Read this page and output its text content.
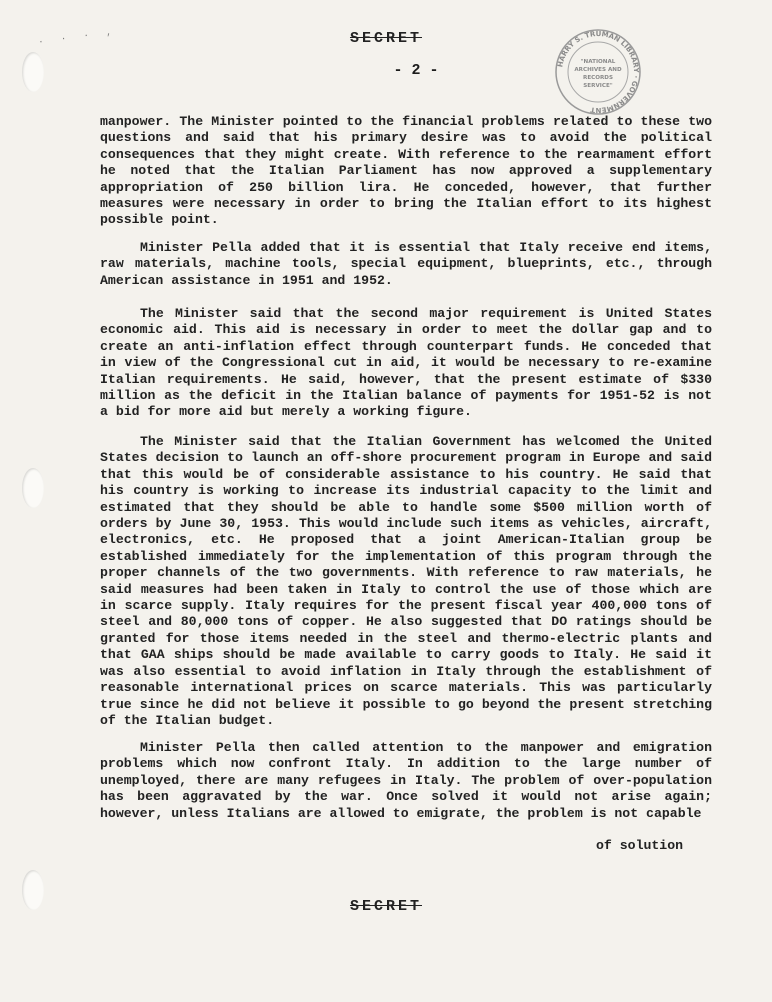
· · · ,	SECRET
- 2 -	HARRY S. TRUMAN LIBRARY · GOVERNMENT
"NATIONAL
ARCHIVES AND
RECORDS
SERVICE"

manpower. The Minister pointed to the financial problems related to these two questions and said that his primary desire was to avoid the political consequences that they might create. With reference to the rearmament effort he noted that the Italian Parliament has now approved a supplementary appropriation of 250 billion lira. He conceded, however, that further measures were necessary in order to bring the Italian effort to its highest possible point.

Minister Pella added that it is essential that Italy receive end items, raw materials, machine tools, special equipment, blueprints, etc., through American assistance in 1951 and 1952.

The Minister said that the second major requirement is United States economic aid. This aid is necessary in order to meet the dollar gap and to create an anti-inflation effect through counterpart funds. He conceded that in view of the Congressional cut in aid, it would be necessary to re-examine Italian requirements. He said, however, that the present estimate of $330 million as the deficit in the Italian balance of payments for 1951-52 is not a bid for more aid but merely a working figure.

The Minister said that the Italian Government has welcomed the United States decision to launch an off-shore procurement program in Europe and said that this would be of considerable assistance to his country. He said that his country is working to increase its industrial capacity to the limit and estimated that they should be able to handle some $500 million worth of orders by June 30, 1953. This would include such items as vehicles, aircraft, electronics, etc. He proposed that a joint American-Italian group be established immediately for the implementation of this program through the proper channels of the two governments. With reference to raw materials, he said measures had been taken in Italy to control the use of those which are in scarce supply. Italy requires for the present fiscal year 400,000 tons of steel and 80,000 tons of copper. He also suggested that DO ratings should be granted for those items needed in the steel and thermo-electric plants and that GAA ships should be made available to carry goods to Italy. He said it was also essential to avoid inflation in Italy through the establishment of reasonable international prices on scarce materials. This was particularly true since he did not believe it possible to go beyond the present stretching of the Italian budget.

Minister Pella then called attention to the manpower and emigration problems which now confront Italy. In addition to the large number of unemployed, there are many refugees in Italy. The problem of over-population has been aggravated by the war. Once solved it would not arise again; however, unless Italians are allowed to emigrate, the problem is not capable

of solution
SECRET
